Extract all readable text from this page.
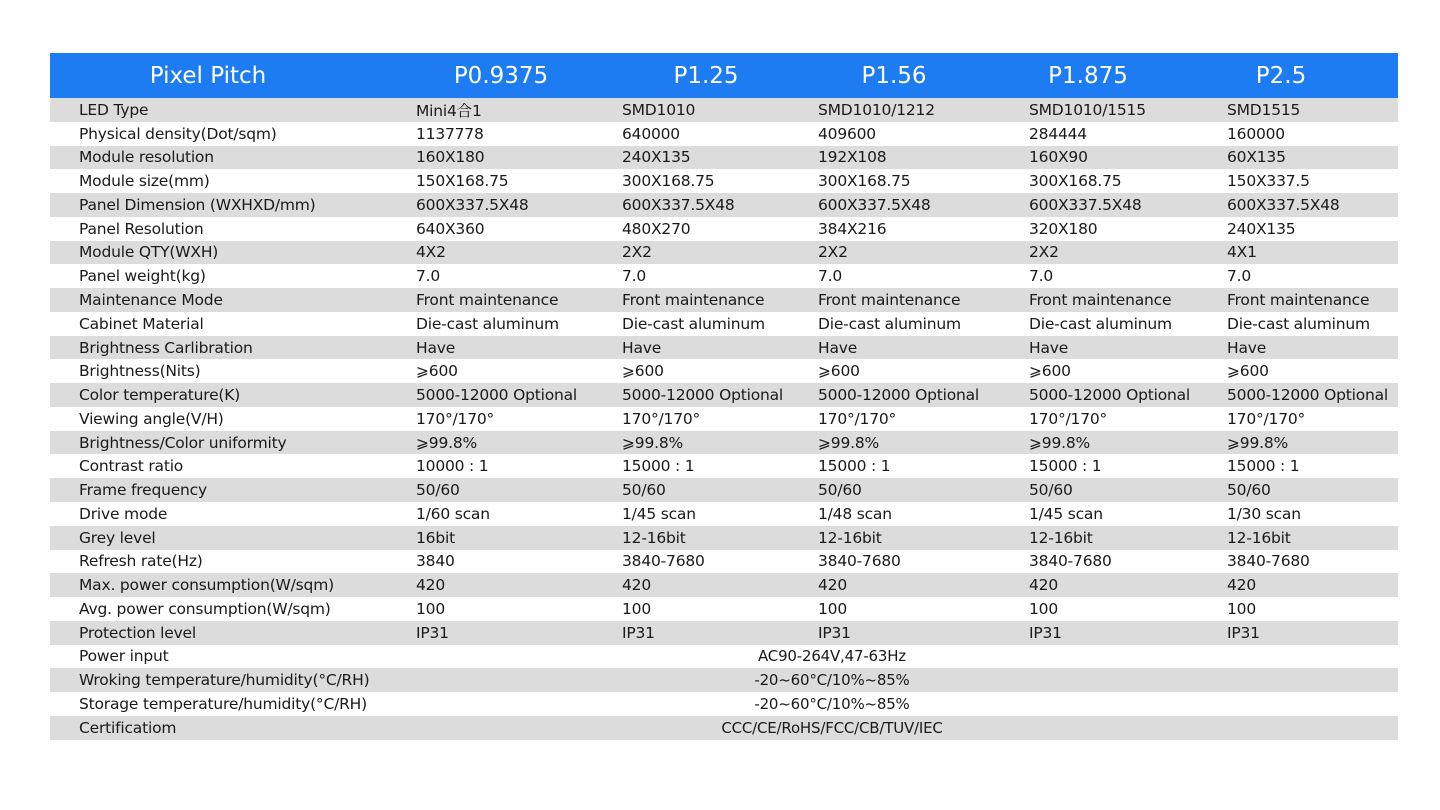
Pixel Pitch	P0.9375	P1.25	P1.56	P1.875	P2.5
LED Type	Mini4合1	SMD1010	SMD1010/1212	SMD1010/1515	SMD1515
Physical density(Dot/sqm)	1137778	640000	409600	284444	160000
Module resolution	160X180	240X135	192X108	160X90	60X135
Module size(mm)	150X168.75	300X168.75	300X168.75	300X168.75	150X337.5
Panel Dimension (WXHXD/mm)	600X337.5X48	600X337.5X48	600X337.5X48	600X337.5X48	600X337.5X48
Panel Resolution	640X360	480X270	384X216	320X180	240X135
Module QTY(WXH)	4X2	2X2	2X2	2X2	4X1
Panel weight(kg)	7.0	7.0	7.0	7.0	7.0
Maintenance Mode	Front maintenance	Front maintenance	Front maintenance	Front maintenance	Front maintenance
Cabinet Material	Die-cast aluminum	Die-cast aluminum	Die-cast aluminum	Die-cast aluminum	Die-cast aluminum
Brightness Carlibration	Have	Have	Have	Have	Have
Brightness(Nits)	⩾600	⩾600	⩾600	⩾600	⩾600
Color temperature(K)	5000-12000 Optional	5000-12000 Optional	5000-12000 Optional	5000-12000 Optional	5000-12000 Optional
Viewing angle(V/H)	170°/170°	170°/170°	170°/170°	170°/170°	170°/170°
Brightness/Color uniformity	⩾99.8%	⩾99.8%	⩾99.8%	⩾99.8%	⩾99.8%
Contrast ratio	10000 : 1	15000 : 1	15000 : 1	15000 : 1	15000 : 1
Frame frequency	50/60	50/60	50/60	50/60	50/60
Drive mode	1/60 scan	1/45 scan	1/48 scan	1/45 scan	1/30 scan
Grey level	16bit	12-16bit	12-16bit	12-16bit	12-16bit
Refresh rate(Hz)	3840	3840-7680	3840-7680	3840-7680	3840-7680
Max. power consumption(W/sqm)	420	420	420	420	420
Avg. power consumption(W/sqm)	100	100	100	100	100
Protection level	IP31	IP31	IP31	IP31	IP31
Power input	AC90-264V,47-63Hz
Wroking temperature/humidity(°C/RH)	-20~60°C/10%~85%
Storage temperature/humidity(°C/RH)	-20~60°C/10%~85%
Certificatiom	CCC/CE/RoHS/FCC/CB/TUV/IEC
